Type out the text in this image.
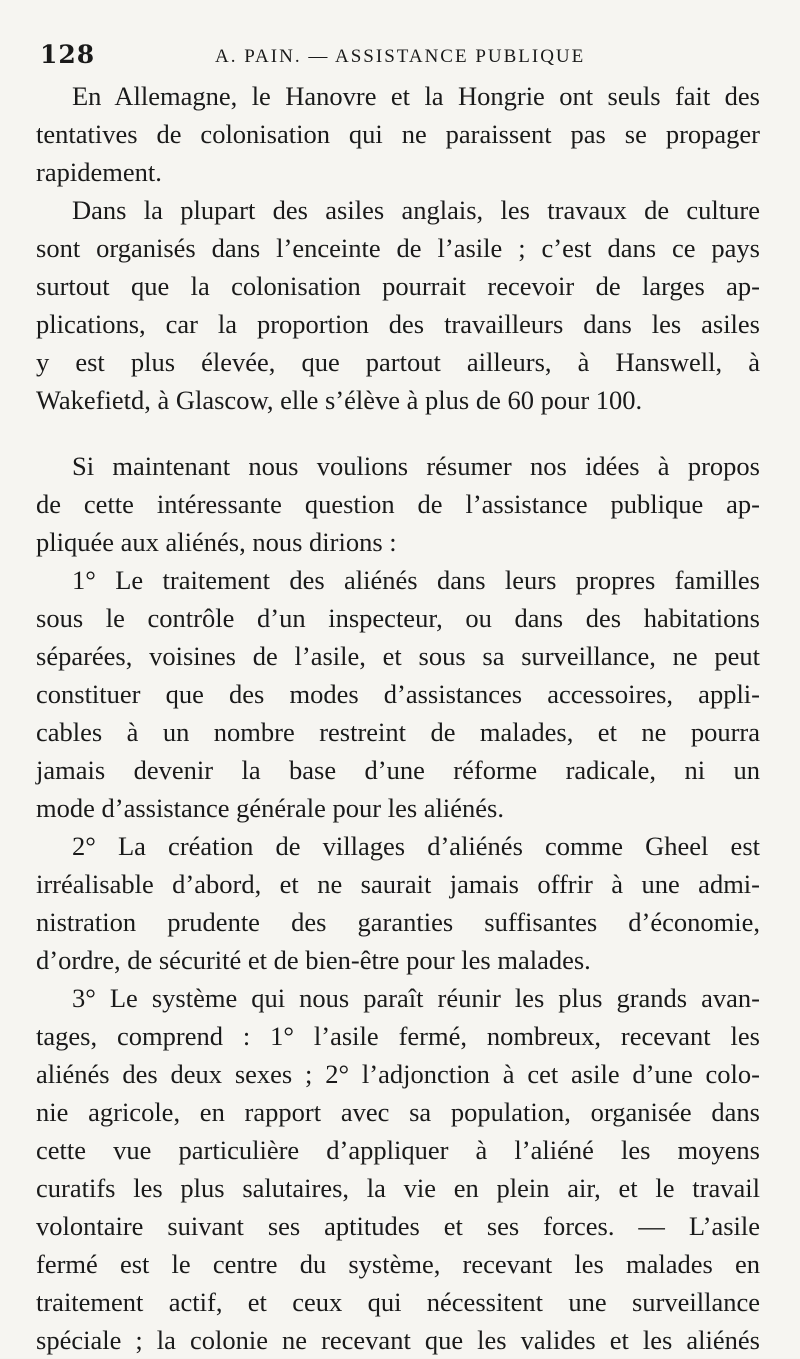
128	A. PAIN. — ASSISTANCE PUBLIQUE
En Allemagne, le Hanovre et la Hongrie ont seuls fait des
tentatives de colonisation qui ne paraissent pas se propager
rapidement.
Dans la plupart des asiles anglais, les travaux de culture
sont organisés dans l’enceinte de l’asile ; c’est dans ce pays
surtout que la colonisation pourrait recevoir de larges ap-
plications, car la proportion des travailleurs dans les asiles
y est plus élevée, que partout ailleurs, à Hanswell, à
Wakefietd, à Glascow, elle s’élève à plus de 60 pour 100.
Si maintenant nous voulions résumer nos idées à propos
de cette intéressante question de l’assistance publique ap-
pliquée aux aliénés, nous dirions :
1° Le traitement des aliénés dans leurs propres familles
sous le contrôle d’un inspecteur, ou dans des habitations
séparées, voisines de l’asile, et sous sa surveillance, ne peut
constituer que des modes d’assistances accessoires, appli-
cables à un nombre restreint de malades, et ne pourra
jamais devenir la base d’une réforme radicale, ni un
mode d’assistance générale pour les aliénés.
2° La création de villages d’aliénés comme Gheel est
irréalisable d’abord, et ne saurait jamais offrir à une admi-
nistration prudente des garanties suffisantes d’économie,
d’ordre, de sécurité et de bien-être pour les malades.
3° Le système qui nous paraît réunir les plus grands avan-
tages, comprend : 1° l’asile fermé, nombreux, recevant les
aliénés des deux sexes ; 2° l’adjonction à cet asile d’une colo-
nie agricole, en rapport avec sa population, organisée dans
cette vue particulière d’appliquer à l’aliéné les moyens
curatifs les plus salutaires, la vie en plein air, et le travail
volontaire suivant ses aptitudes et ses forces. — L’asile
fermé est le centre du système, recevant les malades en
traitement actif, et ceux qui nécessitent une surveillance
spéciale ; la colonie ne recevant que les valides et les aliénés
